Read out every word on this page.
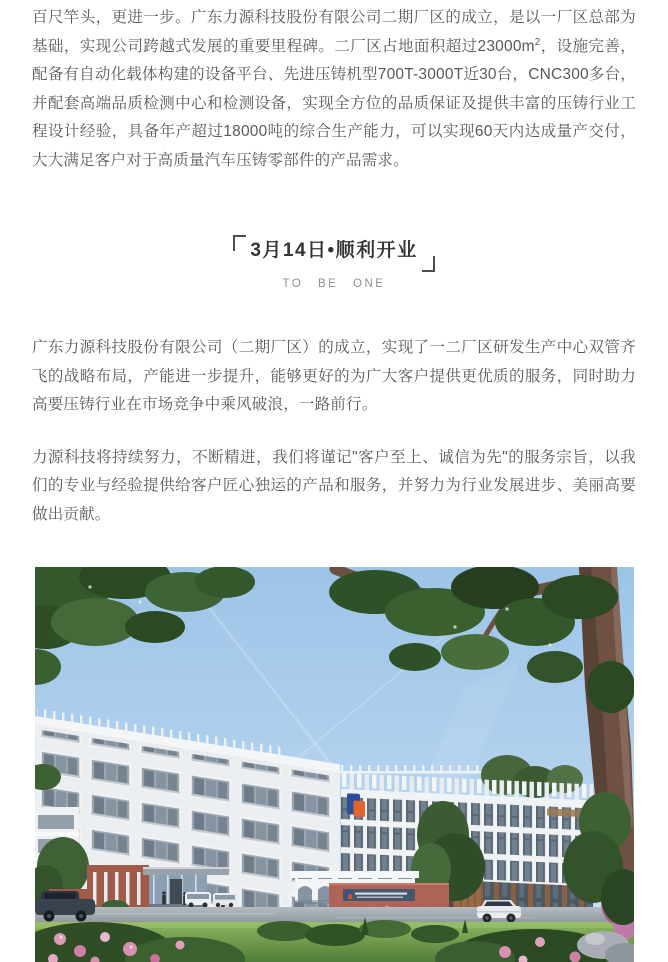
百尺竿头，更进一步。广东力源科技股份有限公司二期厂区的成立，是以一厂区总部为基础，实现公司跨越式发展的重要里程碑。二厂区占地面积超过$23000m^2$，设施完善，配备有自动化载体构建的设备平台、先进压铸机型700T-3000T近30台，CNC300多台，并配套高端品质检测中心和检测设备，实现全方位的品质保证及提供丰富的压铸行业工程设计经验，具备年产超过18000吨的综合生产能力，可以实现60天内达成量产交付，大大满足客户对于高质量汽车压铸零部件的产品需求。

3月14日•顺利开业
TO BE ONE

广东力源科技股份有限公司（二期厂区）的成立，实现了一二厂区研发生产中心双管齐飞的战略布局，产能进一步提升，能够更好的为广大客户提供更优质的服务，同时助力高要压铸行业在市场竞争中乘风破浪，一路前行。

力源科技将持续努力，不断精进，我们将谨记"客户至上、诚信为先"的服务宗旨，以我们的专业与经验提供给客户匠心独运的产品和服务，并努力为行业发展进步、美丽高要做出贡献。
